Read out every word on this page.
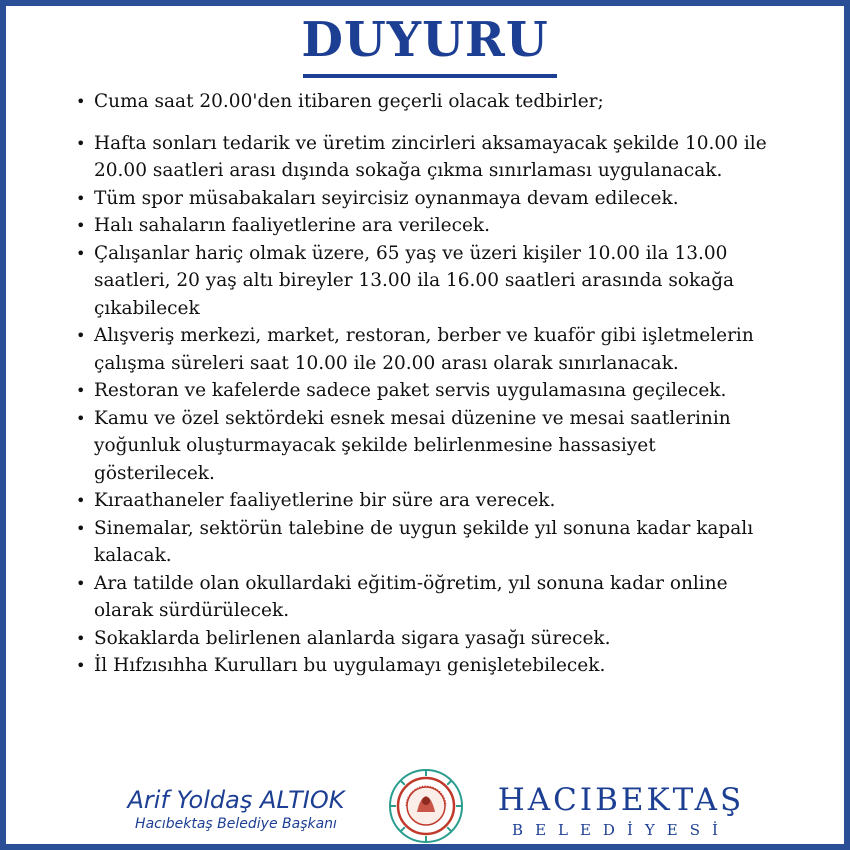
DUYURU
• Cuma saat 20.00'den itibaren geçerli olacak tedbirler;
• Hafta sonları tedarik ve üretim zincirleri aksamayacak şekilde 10.00 ile 20.00 saatleri arası dışında sokağa çıkma sınırlaması uygulanacak.
• Tüm spor müsabakaları seyircisiz oynanmaya devam edilecek.
• Halı sahaların faaliyetlerine ara verilecek.
• Çalışanlar hariç olmak üzere, 65 yaş ve üzeri kişiler 10.00 ila 13.00 saatleri, 20 yaş altı bireyler 13.00 ila 16.00 saatleri arasında sokağa çıkabilecek
• Alışveriş merkezi, market, restoran, berber ve kuaför gibi işletmelerin çalışma süreleri saat 10.00 ile 20.00 arası olarak sınırlanacak.
• Restoran ve kafelerde sadece paket servis uygulamasına geçilecek.
• Kamu ve özel sektördeki esnek mesai düzenine ve mesai saatlerinin yoğunluk oluşturmayacak şekilde belirlenmesine hassasiyet gösterilecek.
• Kıraathaneler faaliyetlerine bir süre ara verecek.
• Sinemalar, sektörün talebine de uygun şekilde yıl sonuna kadar kapalı kalacak.
• Ara tatilde olan okullardaki eğitim-öğretim, yıl sonuna kadar online olarak sürdürülecek.
• Sokaklarda belirlenen alanlarda sigara yasağı sürecek.
• İl Hıfzısıhha Kurulları bu uygulamayı genişletebilecek.
Arif Yoldaş ALTIOK
Hacıbektaş Belediye Başkanı
HACIBEKTAŞ
BELEDİYESİ
